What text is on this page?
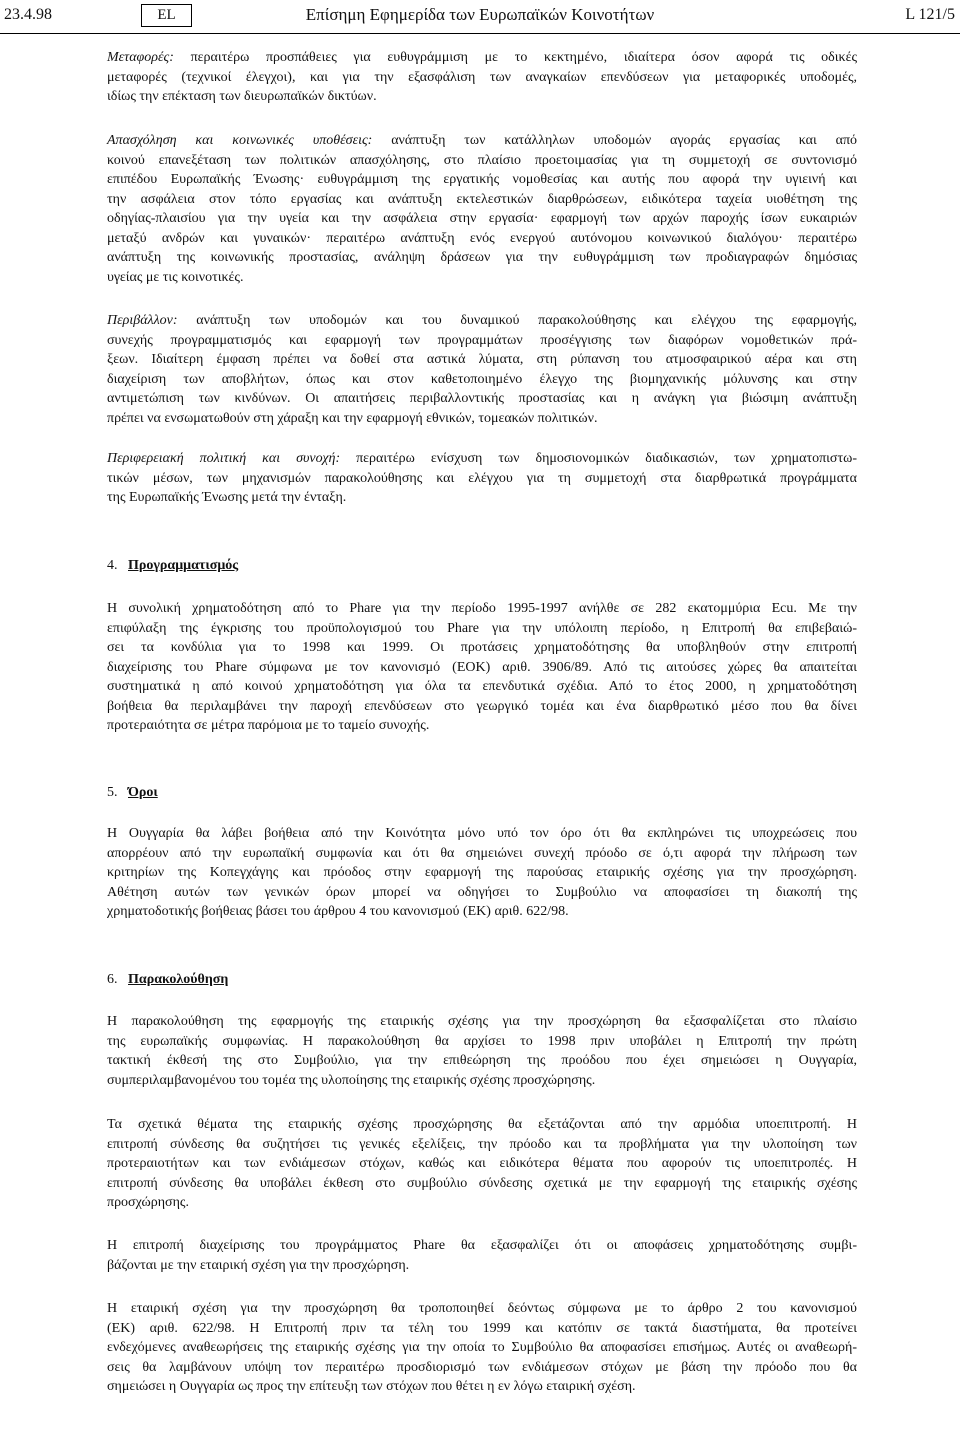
23.4.98	EL	Επίσημη Εφημερίδα των Ευρωπαϊκών Κοινοτήτων	L 121/5
Μεταφορές: περαιτέρω προσπάθειες για ευθυγράμμιση με το κεκτημένο, ιδιαίτερα όσον αφορά τις οδικές
μεταφορές (τεχνικοί έλεγχοι), και για την εξασφάλιση των αναγκαίων επενδύσεων για μεταφορικές υποδομές,
ιδίως την επέκταση των διευρωπαϊκών δικτύων.
Απασχόληση και κοινωνικές υποθέσεις: ανάπτυξη των κατάλληλων υποδομών αγοράς εργασίας και από
κοινού επανεξέταση των πολιτικών απασχόλησης, στο πλαίσιο προετοιμασίας για τη συμμετοχή σε συντονισμό
επιπέδου Ευρωπαϊκής Ένωσης· ευθυγράμμιση της εργατικής νομοθεσίας και αυτής που αφορά την υγιεινή και
την ασφάλεια στον τόπο εργασίας και ανάπτυξη εκτελεστικών διαρθρώσεων, ειδικότερα ταχεία υιοθέτηση της
οδηγίας-πλαισίου για την υγεία και την ασφάλεια στην εργασία· εφαρμογή των αρχών παροχής ίσων ευκαιριών
μεταξύ ανδρών και γυναικών· περαιτέρω ανάπτυξη ενός ενεργού αυτόνομου κοινωνικού διαλόγου· περαιτέρω
ανάπτυξη της κοινωνικής προστασίας, ανάληψη δράσεων για την ευθυγράμμιση των προδιαγραφών δημόσιας
υγείας με τις κοινοτικές.
Περιβάλλον: ανάπτυξη των υποδομών και του δυναμικού παρακολούθησης και ελέγχου της εφαρμογής,
συνεχής προγραμματισμός και εφαρμογή των προγραμμάτων προσέγγισης των διαφόρων νομοθετικών πρά-
ξεων. Ιδιαίτερη έμφαση πρέπει να δοθεί στα αστικά λύματα, στη ρύπανση του ατμοσφαιρικού αέρα και στη
διαχείριση των αποβλήτων, όπως και στον καθετοποιημένο έλεγχο της βιομηχανικής μόλυνσης και στην
αντιμετώπιση των κινδύνων. Οι απαιτήσεις περιβαλλοντικής προστασίας και η ανάγκη για βιώσιμη ανάπτυξη
πρέπει να ενσωματωθούν στη χάραξη και την εφαρμογή εθνικών, τομεακών πολιτικών.
Περιφερειακή πολιτική και συνοχή: περαιτέρω ενίσχυση των δημοσιονομικών διαδικασιών, των χρηματοπιστω-
τικών μέσων, των μηχανισμών παρακολούθησης και ελέγχου για τη συμμετοχή στα διαρθρωτικά προγράμματα
της Ευρωπαϊκής Ένωσης μετά την ένταξη.
4. Προγραμματισμός
Η συνολική χρηματοδότηση από το Phare για την περίοδο 1995-1997 ανήλθε σε 282 εκατομμύρια Ecu. Με την
επιφύλαξη της έγκρισης του προϋπολογισμού του Phare για την υπόλοιπη περίοδο, η Επιτροπή θα επιβεβαιώ-
σει τα κονδύλια για το 1998 και 1999. Οι προτάσεις χρηματοδότησης θα υποβληθούν στην επιτροπή
διαχείρισης του Phare σύμφωνα με τον κανονισμό (ΕΟΚ) αριθ. 3906/89. Από τις αιτούσες χώρες θα απαιτείται
συστηματικά η από κοινού χρηματοδότηση για όλα τα επενδυτικά σχέδια. Από το έτος 2000, η χρηματοδότηση
βοήθεια θα περιλαμβάνει την παροχή επενδύσεων στο γεωργικό τομέα και ένα διαρθρωτικό μέσο που θα δίνει
προτεραιότητα σε μέτρα παρόμοια με το ταμείο συνοχής.
5. Όροι
Η Ουγγαρία θα λάβει βοήθεια από την Κοινότητα μόνο υπό τον όρο ότι θα εκπληρώνει τις υποχρεώσεις που
απορρέουν από την ευρωπαϊκή συμφωνία και ότι θα σημειώνει συνεχή πρόοδο σε ό,τι αφορά την πλήρωση των
κριτηρίων της Κοπεγχάγης και πρόοδος στην εφαρμογή της παρούσας εταιρικής σχέσης για την προσχώρηση.
Αθέτηση αυτών των γενικών όρων μπορεί να οδηγήσει το Συμβούλιο να αποφασίσει τη διακοπή της
χρηματοδοτικής βοήθειας βάσει του άρθρου 4 του κανονισμού (ΕΚ) αριθ. 622/98.
6. Παρακολούθηση
Η παρακολούθηση της εφαρμογής της εταιρικής σχέσης για την προσχώρηση θα εξασφαλίζεται στο πλαίσιο
της ευρωπαϊκής συμφωνίας. Η παρακολούθηση θα αρχίσει το 1998 πριν υποβάλει η Επιτροπή την πρώτη
τακτική έκθεσή της στο Συμβούλιο, για την επιθεώρηση της προόδου που έχει σημειώσει η Ουγγαρία,
συμπεριλαμβανομένου του τομέα της υλοποίησης της εταιρικής σχέσης προσχώρησης.
Τα σχετικά θέματα της εταιρικής σχέσης προσχώρησης θα εξετάζονται από την αρμόδια υποεπιτροπή. Η
επιτροπή σύνδεσης θα συζητήσει τις γενικές εξελίξεις, την πρόοδο και τα προβλήματα για την υλοποίηση των
προτεραιοτήτων και των ενδιάμεσων στόχων, καθώς και ειδικότερα θέματα που αφορούν τις υποεπιτροπές. Η
επιτροπή σύνδεσης θα υποβάλει έκθεση στο συμβούλιο σύνδεσης σχετικά με την εφαρμογή της εταιρικής σχέσης
προσχώρησης.
Η επιτροπή διαχείρισης του προγράμματος Phare θα εξασφαλίζει ότι οι αποφάσεις χρηματοδότησης συμβι-
βάζονται με την εταιρική σχέση για την προσχώρηση.
Η εταιρική σχέση για την προσχώρηση θα τροποποιηθεί δεόντως σύμφωνα με το άρθρο 2 του κανονισμού
(ΕΚ) αριθ. 622/98. Η Επιτροπή πριν τα τέλη του 1999 και κατόπιν σε τακτά διαστήματα, θα προτείνει
ενδεχόμενες αναθεωρήσεις της εταιρικής σχέσης για την οποία το Συμβούλιο θα αποφασίσει επισήμως. Αυτές οι αναθεωρή-
σεις θα λαμβάνουν υπόψη τον περαιτέρω προσδιορισμό των ενδιάμεσων στόχων με βάση την πρόοδο που θα
σημειώσει η Ουγγαρία ως προς την επίτευξη των στόχων που θέτει η εν λόγω εταιρική σχέση.
